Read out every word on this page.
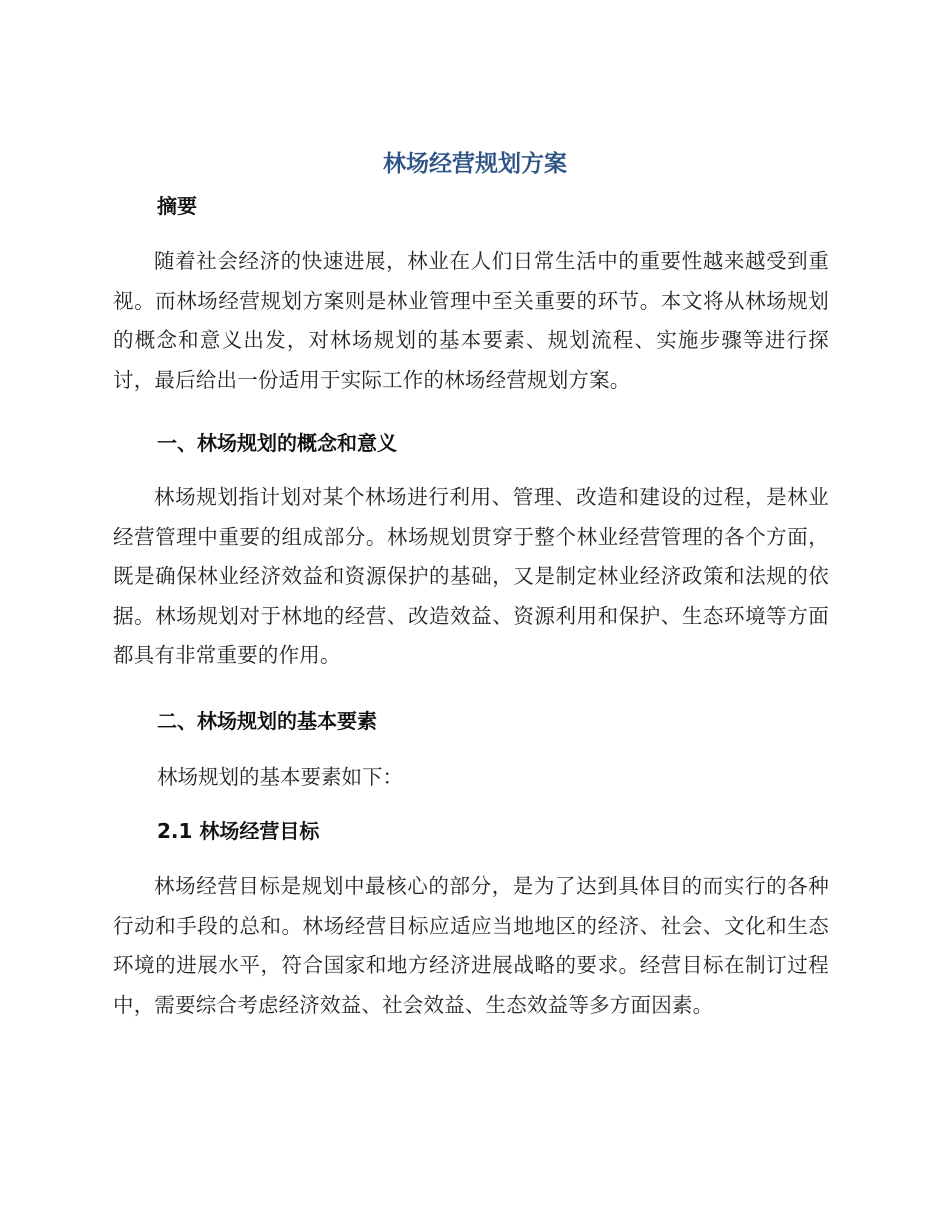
林场经营规划方案
摘要
随着社会经济的快速进展，林业在人们日常生活中的重要性越来越受到重视。而林场经营规划方案则是林业管理中至关重要的环节。本文将从林场规划的概念和意义出发，对林场规划的基本要素、规划流程、实施步骤等进行探讨，最后给出一份适用于实际工作的林场经营规划方案。
一、林场规划的概念和意义
林场规划指计划对某个林场进行利用、管理、改造和建设的过程，是林业经营管理中重要的组成部分。林场规划贯穿于整个林业经营管理的各个方面，既是确保林业经济效益和资源保护的基础，又是制定林业经济政策和法规的依据。林场规划对于林地的经营、改造效益、资源利用和保护、生态环境等方面都具有非常重要的作用。
二、林场规划的基本要素
林场规划的基本要素如下：
2.1 林场经营目标
林场经营目标是规划中最核心的部分，是为了达到具体目的而实行的各种行动和手段的总和。林场经营目标应适应当地地区的经济、社会、文化和生态环境的进展水平，符合国家和地方经济进展战略的要求。经营目标在制订过程中，需要综合考虑经济效益、社会效益、生态效益等多方面因素。
